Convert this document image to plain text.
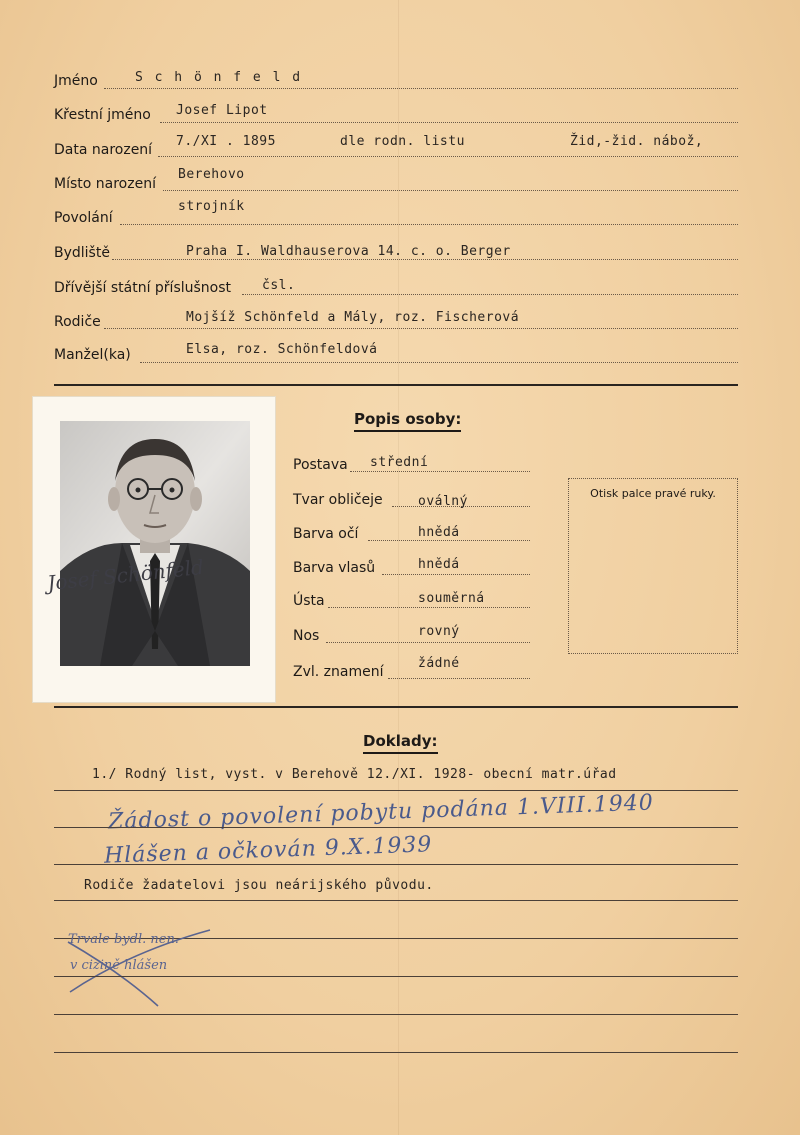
Jméno	S c h ö n f e l d
Křestní jméno Josef Lipot
Data narození
7./XI . 1895	dle rodn. listu	Žid,-žid. nábož,
Místo narození
Berehovo
Povolání
strojník
Bydliště	Praha I. Waldhauserova 14. c. o. Berger
Dřívější státní příslušnost čsl.
Rodiče	Mojšíž Schönfeld a Mály, roz. Fischerová
Manžel(ka)	Elsa, roz. Schönfeldová
Josef Schönfeld
Popis osoby:
Postava střední
Tvar obličeje	oválný
Barva očí	hnědá
Barva vlasů	hnědá
Ústa	souměrná
Nos	rovný
Zvl. znamení
žádné
Otisk palce pravé ruky.
Doklady:
1./ Rodný list, vyst. v Berehově 12./XI. 1928- obecní matr.úřad
Žádost o povolení pobytu podána 1.VIII.1940
Hlášen a očkován 9.X.1939
Rodiče žadatelovi jsou neárijského původu.
Trvale bydl. nen.
v cizině hlášen
